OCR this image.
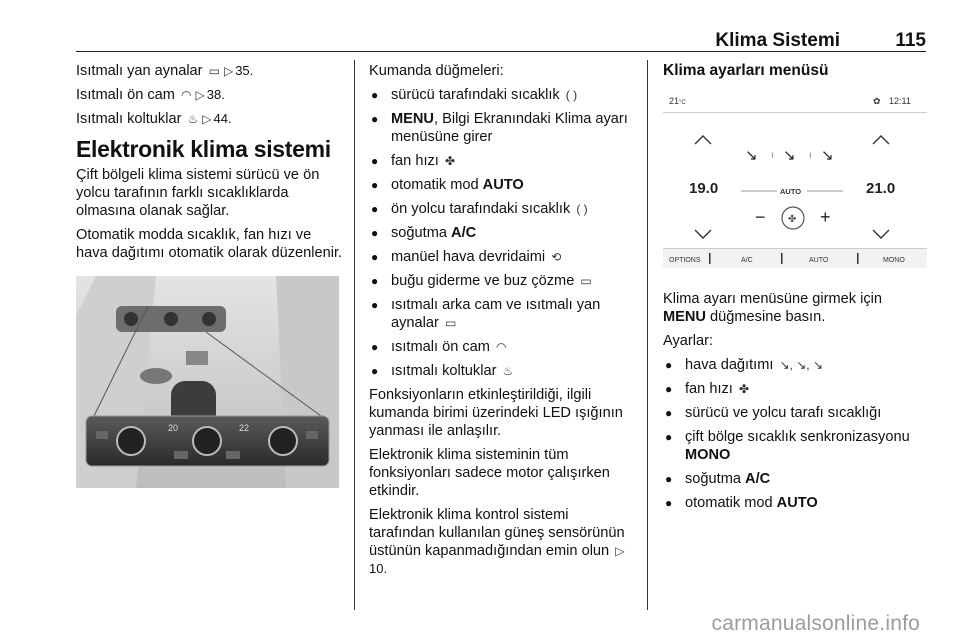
Klima Sistemi	115

Isıtmalı yan aynalar ▭ ▷ 35.

Isıtmalı ön cam ◠ ▷ 38.

Isıtmalı koltuklar ♨ ▷ 44.

Elektronik klima sistemi

Çift bölgeli klima sistemi sürücü ve ön yolcu tarafının farklı sıcaklıklarda olmasına olanak sağlar.

Otomatik modda sıcaklık, fan hızı ve hava dağıtımı otomatik olarak düzenlenir.

20	22

Kumanda düğmeleri:

● sürücü tarafındaki sıcaklık ( )
● MENU, Bilgi Ekranındaki Klima ayarı menüsüne girer
● fan hızı ✤
● otomatik mod AUTO
● ön yolcu tarafındaki sıcaklık ( )
● soğutma A/C
● manüel hava devridaimi ⟲
● buğu giderme ve buz çözme ▭
● ısıtmalı arka cam ve ısıtmalı yan aynalar ▭
● ısıtmalı ön cam ◠
● ısıtmalı koltuklar ♨

Fonksiyonların etkinleştirildiği, ilgili kumanda birimi üzerindeki LED ışığının yanması ile anlaşılır.

Elektronik klima sisteminin tüm fonksiyonları sadece motor çalışırken etkindir.

Elektronik klima kontrol sistemi tarafından kullanılan güneş sensörünün üstünün kapanmadığından emin olun ▷10.

Klima ayarları menüsü
21°C	✿ 12:11
19.0	21.0
↘ ı ↘ ı ↘
AUTO
− ✤ +
OPTIONS	A/C	AUTO	MONO

Klima ayarı menüsüne girmek için MENU düğmesine basın.

Ayarlar:

● hava dağıtımı ↘, ↘, ↘
● fan hızı ✤
● sürücü ve yolcu tarafı sıcaklığı
● çift bölge sıcaklık senkronizasyonu MONO
● soğutma A/C
● otomatik mod AUTO
carmanualsonline.info
